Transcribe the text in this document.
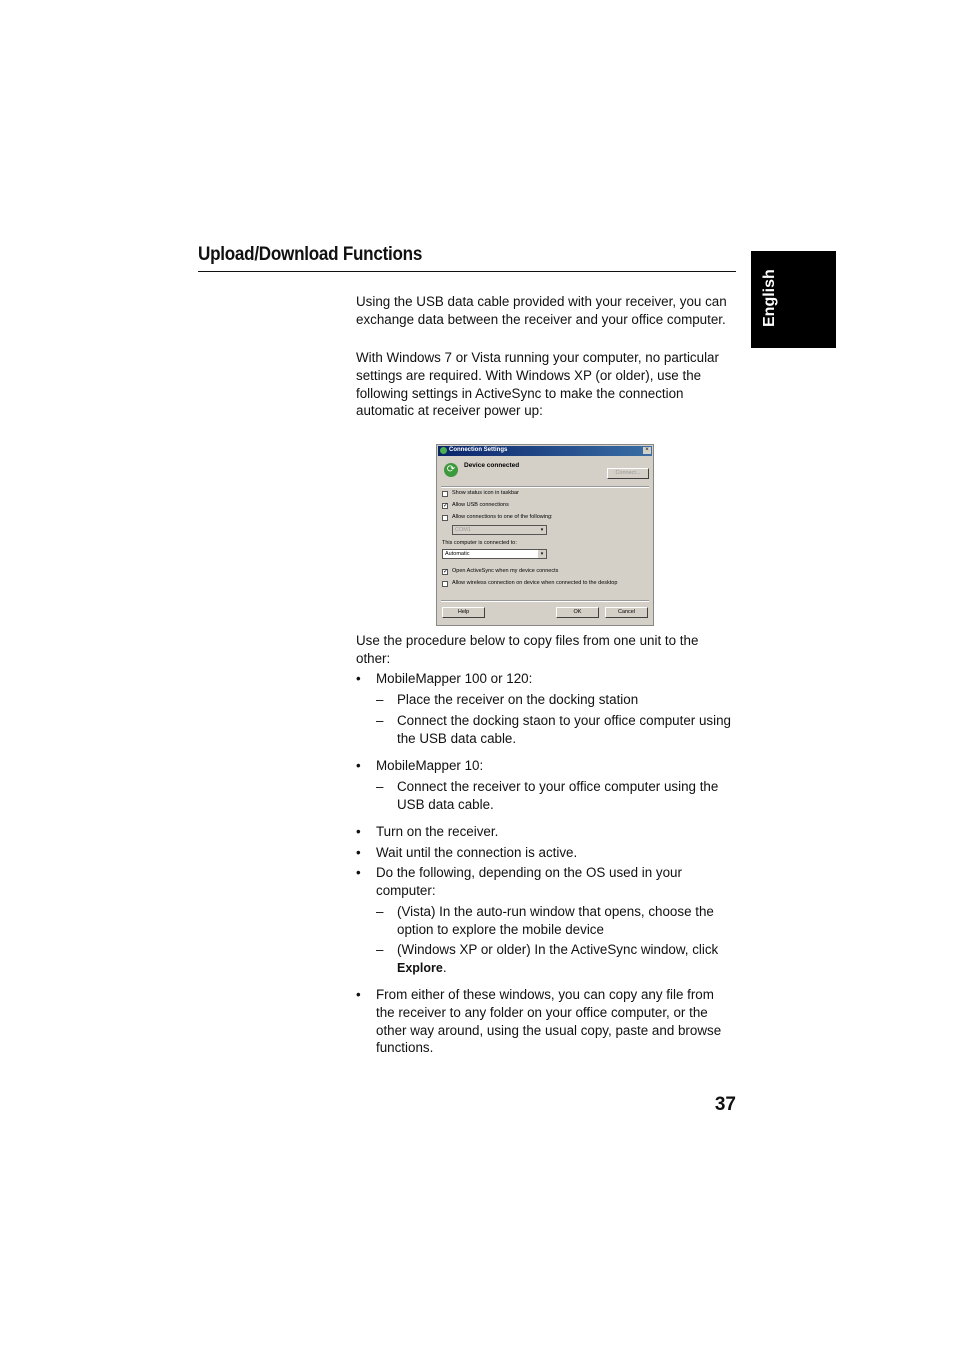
Upload/Download Functions
English

Using the USB data cable provided with your receiver, you can exchange data between the receiver and your office computer.

With Windows 7 or Vista running your computer, no particular settings are required. With Windows XP (or older), use the following settings in ActiveSync to make the connection automatic at receiver power up:

Connection Settings	×
⟳	Device connected
Connect...
Show status icon in taskbar
✓ Allow USB connections
Allow connections to one of the following:
COM1	▾
This computer is connected to:
Automatic	▾
✓ Open ActiveSync when my device connects
Allow wireless connection on device when connected to the desktop
Help	OK	Cancel

Use the procedure below to copy files from one unit to the other:

• MobileMapper 100 or 120:
– Place the receiver on the docking station
– Connect the docking staon to your office computer using the USB data cable.
• MobileMapper 10:
– Connect the receiver to your office computer using the USB data cable.
• Turn on the receiver.
• Wait until the connection is active.
• Do the following, depending on the OS used in your computer:
– (Vista) In the auto-run window that opens, choose the option to explore the mobile device
– (Windows XP or older) In the ActiveSync window, click Explore.
• From either of these windows, you can copy any file from the receiver to any folder on your office computer, or the other way around, using the usual copy, paste and browse functions.
37
